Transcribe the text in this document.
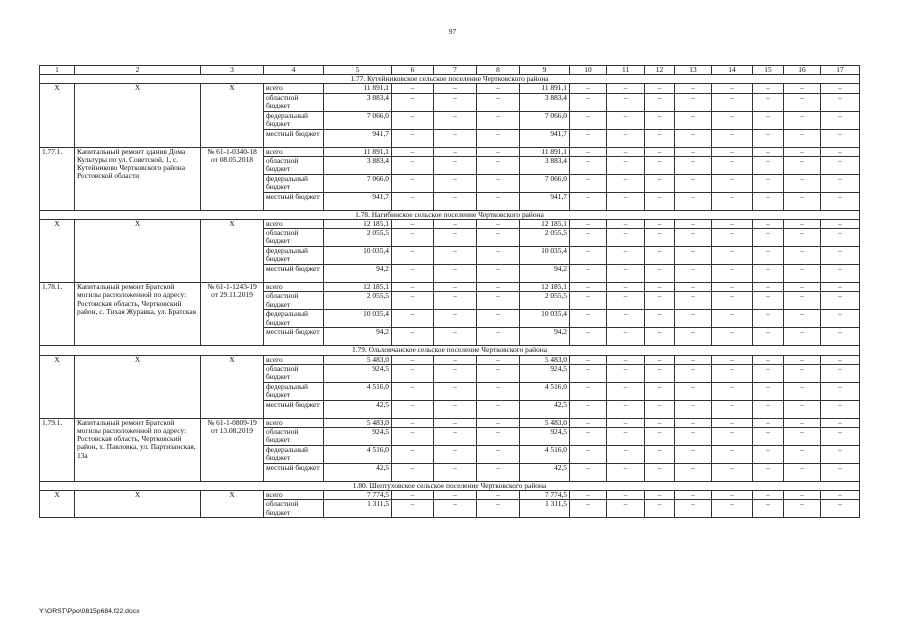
97
1	2	3	4	5	6	7	8	9	10	11	12	13	14	15	16	17
1.77. Кутейниковское сельское поселение Чертковского района																
X	X	X	всего	11 891,1	–	–	–	11 891,1	–	–	–	–	–	–	–	–
			областной бюджет	3 883,4	–	–	–	3 883,4	–	–	–	–	–	–	–	–
			федеральный бюджет	7 066,0	–	–	–	7 066,0	–	–	–	–	–	–	–	–
			местный бюджет	941,7	–	–	–	941,7	–	–	–	–	–	–	–	–
1.77.1.	Капитальный ремонт здания Дома Культуры по ул. Советской, 1, с. Кутейниково Чертковского района Ростовской области	№ 61-1-0340-18 от 08.05.2018	всего	11 891,1	–	–	–	11 891,1	–	–	–	–	–	–	–	–
			областной бюджет	3 883,4	–	–	–	3 883,4	–	–	–	–	–	–	–	–
			федеральный бюджет	7 066,0	–	–	–	7 066,0	–	–	–	–	–	–	–	–
			местный бюджет	941,7	–	–	–	941,7	–	–	–	–	–	–	–	–
1.78. Нагибинское сельское поселение Чертковского района																
X	X	X	всего	12 185,1	–	–	–	12 185,1	–	–	–	–	–	–	–	–
			областной бюджет	2 055,5	–	–	–	2 055,5	–	–	–	–	–	–	–	–
			федеральный бюджет	10 035,4	–	–	–	10 035,4	–	–	–	–	–	–	–	–
			местный бюджет	94,2	–	–	–	94,2	–	–	–	–	–	–	–	–
1.78.1.	Капитальный ремонт Братской могилы расположенной по адресу: Ростовская область, Чертковский район, с. Тихая Журавка, ул. Братская	№ 61-1-1243-19 от 29.11.2019	всего	12 185,1	–	–	–	12 185,1	–	–	–	–	–	–	–	–
			областной бюджет	2 055,5	–	–	–	2 055,5	–	–	–	–	–	–	–	–
			федеральный бюджет	10 035,4	–	–	–	10 035,4	–	–	–	–	–	–	–	–
			местный бюджет	94,2	–	–	–	94,2	–	–	–	–	–	–	–	–
1.79. Ольховчанское сельское поселение Чертковского района																
X	X	X	всего	5 483,0	–	–	–	5 483,0	–	–	–	–	–	–	–	–
			областной бюджет	924,5	–	–	–	924,5	–	–	–	–	–	–	–	–
			федеральный бюджет	4 516,0	–	–	–	4 516,0	–	–	–	–	–	–	–	–
			местный бюджет	42,5	–	–	–	42,5	–	–	–	–	–	–	–	–
1.79.1.	Капитальный ремонт Братской могилы расположенной по адресу: Ростовская область, Чертковский район, х. Павловка, ул. Партизанская, 13а	№ 61-1-0809-19 от 13.08.2019	всего	5 483,0	–	–	–	5 483,0	–	–	–	–	–	–	–	–
			областной бюджет	924,5	–	–	–	924,5	–	–	–	–	–	–	–	–
			федеральный бюджет	4 516,0	–	–	–	4 516,0	–	–	–	–	–	–	–	–
			местный бюджет	42,5	–	–	–	42,5	–	–	–	–	–	–	–	–
1.80. Шептуховское сельское поселение Чертковского района																
X	X	X	всего	7 774,5	–	–	–	7 774,5	–	–	–	–	–	–	–	–
			областной бюджет	1 311,5	–	–	–	1 311,5	–	–	–	–	–	–	–	–
Y:\ORST\Ppo\0815p684.f22.docx
